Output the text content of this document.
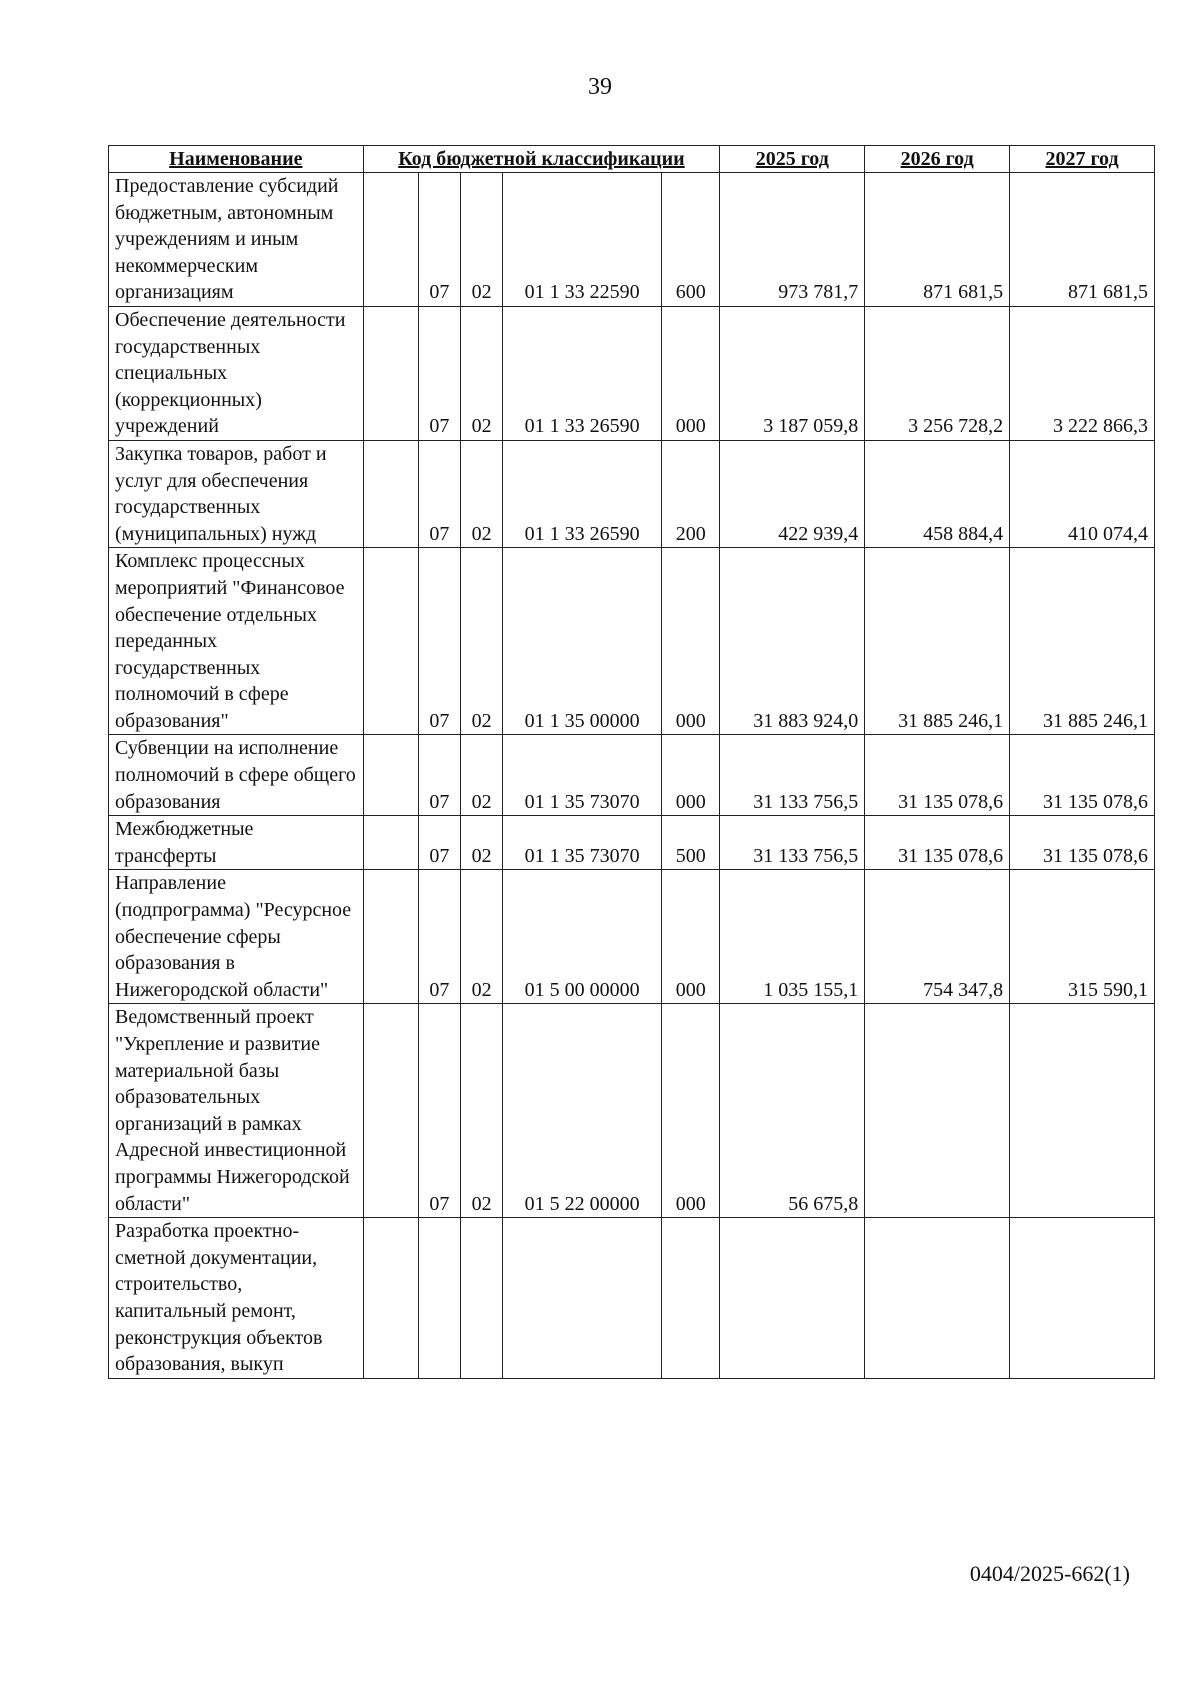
39
Наименование	Код бюджетной классификации					2025 год	2026 год	2027 год
Предоставление субсидий бюджетным, автономным учреждениям и иным некоммерческим организациям		07	02	01 1 33 22590	600	973 781,7	871 681,5	871 681,5
Обеспечение деятельности государственных специальных (коррекционных) учреждений		07	02	01 1 33 26590	000	3 187 059,8	3 256 728,2	3 222 866,3
Закупка товаров, работ и услуг для обеспечения государственных (муниципальных) нужд		07	02	01 1 33 26590	200	422 939,4	458 884,4	410 074,4
Комплекс процессных мероприятий "Финансовое обеспечение отдельных переданных государственных полномочий в сфере образования"		07	02	01 1 35 00000	000	31 883 924,0	31 885 246,1	31 885 246,1
Субвенции на исполнение полномочий в сфере общего образования		07	02	01 1 35 73070	000	31 133 756,5	31 135 078,6	31 135 078,6
Межбюджетные трансферты		07	02	01 1 35 73070	500	31 133 756,5	31 135 078,6	31 135 078,6
Направление (подпрограмма) "Ресурсное обеспечение сферы образования в Нижегородской области"		07	02	01 5 00 00000	000	1 035 155,1	754 347,8	315 590,1
Ведомственный проект "Укрепление и развитие материальной базы образовательных организаций в рамках Адресной инвестиционной программы Нижегородской области"		07	02	01 5 22 00000	000	56 675,8		
Разработка проектно-сметной документации, строительство, капитальный ремонт, реконструкция объектов образования, выкуп								
0404/2025-662(1)
